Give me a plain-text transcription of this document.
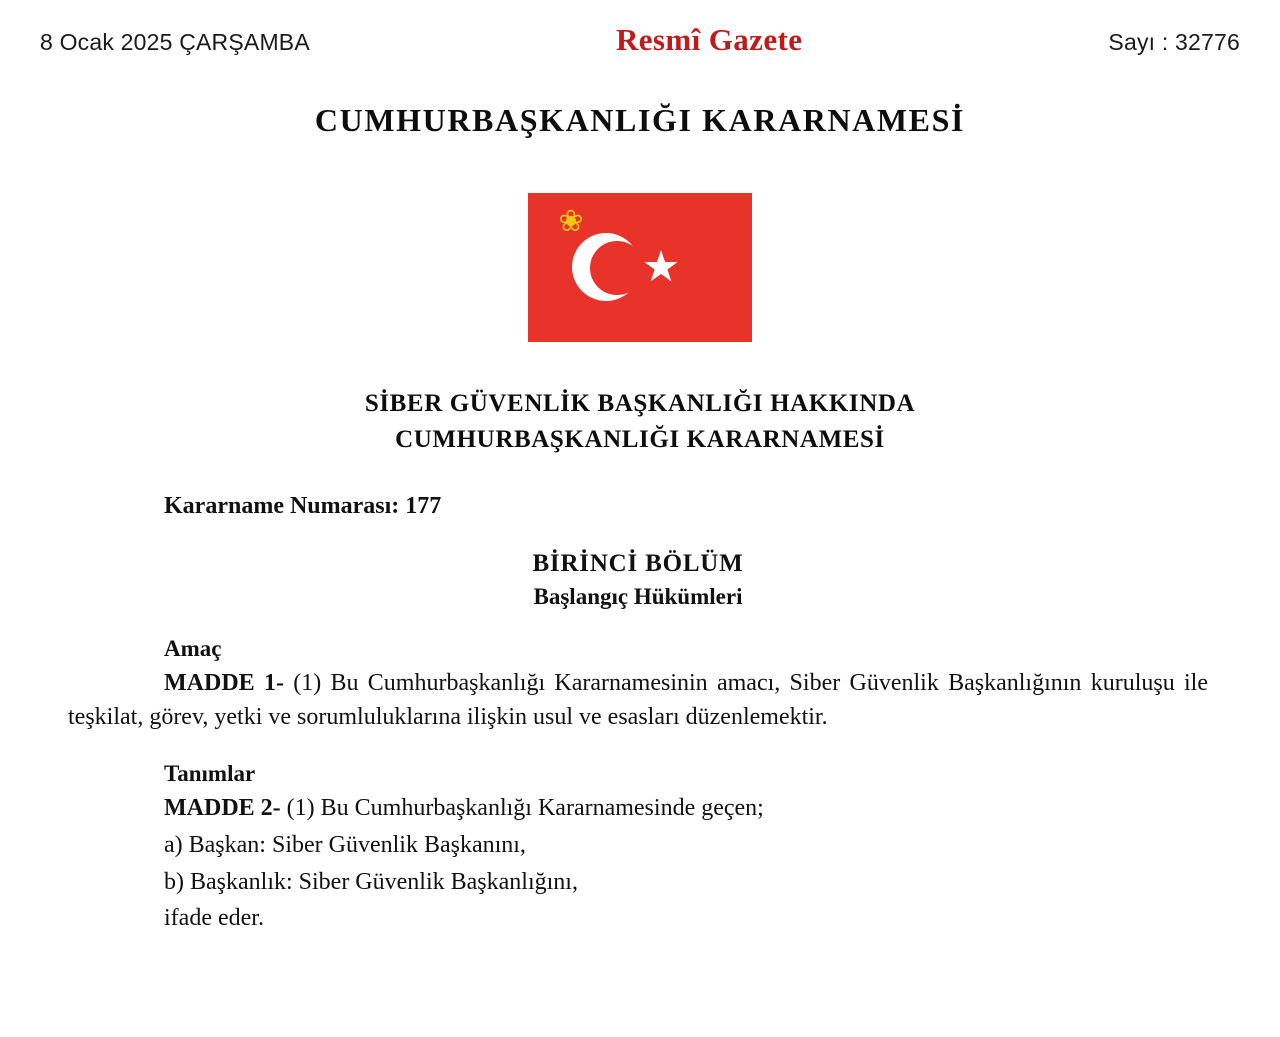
8 Ocak 2025 ÇARŞAMBA	Resmî Gazete	Sayı : 32776
CUMHURBAŞKANLIĞI KARARNAMESİ
❀
SİBER GÜVENLİK BAŞKANLIĞI HAKKINDA
CUMHURBAŞKANLIĞI KARARNAMESİ
Kararname Numarası: 177
BİRİNCİ BÖLÜM
Başlangıç Hükümleri
Amaç
MADDE 1- (1) Bu Cumhurbaşkanlığı Kararnamesinin amacı, Siber Güvenlik Başkanlığının kuruluşu ile teşkilat, görev, yetki ve sorumluluklarına ilişkin usul ve esasları düzenlemektir.
Tanımlar
MADDE 2- (1) Bu Cumhurbaşkanlığı Kararnamesinde geçen;
a) Başkan: Siber Güvenlik Başkanını,
b) Başkanlık: Siber Güvenlik Başkanlığını,
ifade eder.
